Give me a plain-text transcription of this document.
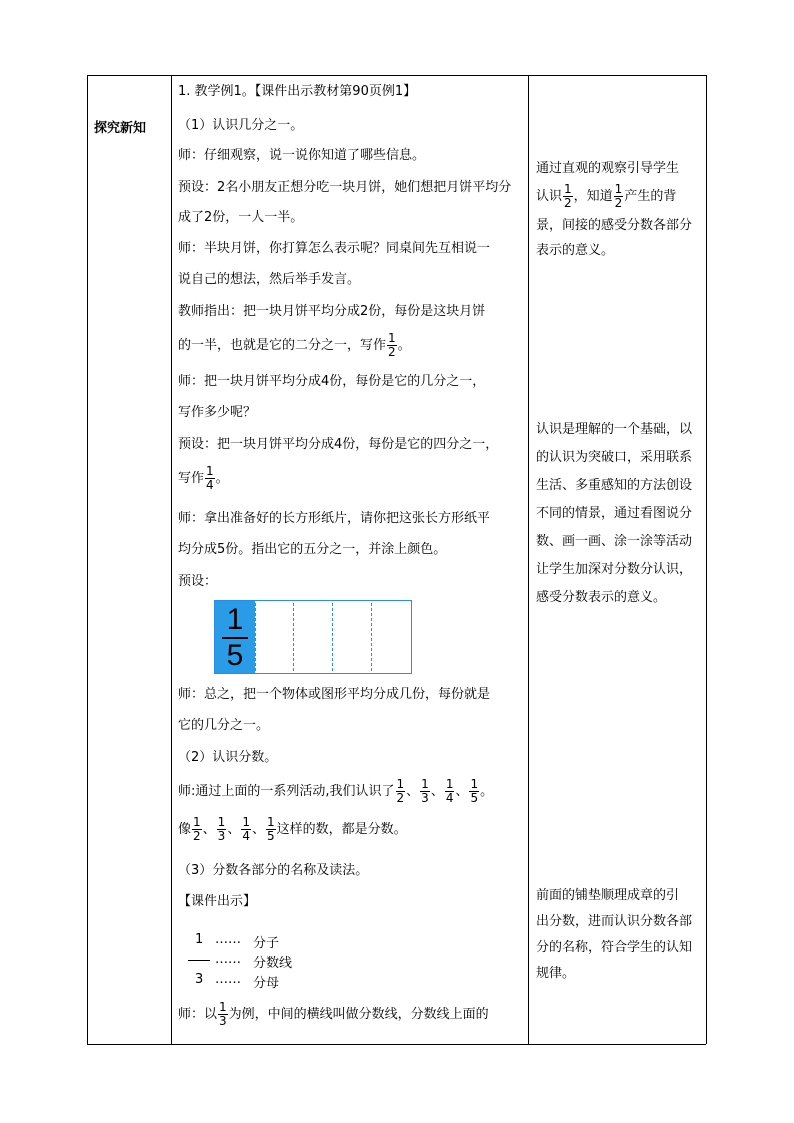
探究新知

1. 教学例1。【课件出示教材第90页例1】

（1）认识几分之一。

师：仔细观察，说一说你知道了哪些信息。

预设：2名小朋友正想分吃一块月饼，她们想把月饼平均分

成了2份，一人一半。

师：半块月饼，你打算怎么表示呢？同桌间先互相说一

说自己的想法，然后举手发言。

教师指出：把一块月饼平均分成2份，每份是这块月饼

的一半，也就是它的二分之一，写作 $\frac{1}{2}$ 。

师：把一块月饼平均分成4份，每份是它的几分之一，

写作多少呢？

预设：把一块月饼平均分成4份，每份是它的四分之一，

写作 $\frac{1}{4}$ 。

师：拿出准备好的长方形纸片，请你把这张长方形纸平

均分成5份。指出它的五分之一，并涂上颜色。

预设：

师：总之，把一个物体或图形平均分成几份，每份就是

它的几分之一。

（2）认识分数。

师:通过上面的一系列活动,我们认识了 $\frac{1}{2}$ 、 $\frac{1}{3}$ 、 $\frac{1}{4}$ 、 $\frac{1}{5}$ 。

像 $\frac{1}{2}$ 、 $\frac{1}{3}$ 、 $\frac{1}{4}$ 、 $\frac{1}{5}$ 这样的数，都是分数。

（3）分数各部分的名称及读法。

【课件出示】

师：以 $\frac{1}{3}$ 为例，中间的横线叫做分数线，分数线上面的

1
5
1 …… 分子
…… 分数线
3 …… 分母

通过直观的观察引导学生

认识 $\frac{1}{2}$ ，知道 $\frac{1}{2}$ 产生的背

景，间接的感受分数各部分

表示的意义。

认识是理解的一个基础，以

的认识为突破口，采用联系

生活、多重感知的方法创设

不同的情景，通过看图说分

数、画一画、涂一涂等活动

让学生加深对分数分认识，

感受分数表示的意义。

前面的铺垫顺理成章的引

出分数，进而认识分数各部

分的名称，符合学生的认知

规律。
